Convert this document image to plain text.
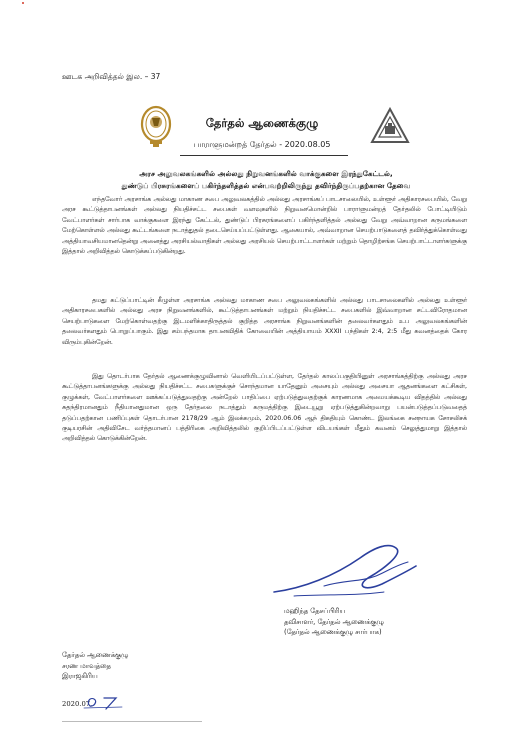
ஊடக அறிவித்தல் இல. – 37
தேர்தல் ஆணைக்குழு
பாராளுமன்றத் தேர்தல் - 2020.08.05
அரச அலுவலகங்களில் அல்லது நிறுவனங்களில் வாக்குகளை இரந்துகேட்டல்,
துண்டுப் பிரசுரங்களைப் பகிர்ந்தளித்தல் என்பவற்றிலிருந்து தவிர்ந்திருப்பதற்கான தேவை
எந்தவோர் அரசாங்க அல்லது மாகாண சபை அலுவலகத்தில் அல்லது அரசாங்கப் பாடசாலையில், உள்ளூர் அதிகாரசபையில், வேறு அரச கூட்டுத்தாபனங்கள் அல்லது நியதிச்சட்ட சபைகள் வளவுகளில் நிறுவனமொன்றில் பாராளுமன்றத் தேர்தலில் போட்டியிடும் வேட்பாளர்கள் சார்பாக வாக்குகளை இரந்து கேட்டல், துண்டுப் பிரசுரங்களைப் பகிர்ந்தளித்தல் அல்லது வேறு அவ்வாறான கருமங்களை மேற்கொள்ளல் அல்லது கூட்டங்களை நடாத்துதல் தடைசெய்யப்பட்டுள்ளது. ஆகையால், அவ்வாறான செயற்பாடுகளைத் தவிர்த்துக்கொள்வது அத்தியாவசியமானதென்று அனைத்து அரசியல்வாதிகள் அல்லது அரசியல் செயற்பாட்டாளர்கள் மற்றும் தொழிற்சங்க செயற்பாட்டாளர்களுக்கு இத்தால் அறிவித்தல் கொடுக்கப்படுகின்றது.
தமது கட்டுப்பாட்டின் கீழுள்ள அரசாங்க அல்லது மாகாண சபை அலுவலகங்களில் அல்லது பாடசாலைகளில் அல்லது உள்ளூர் அதிகாரசபைகளில் அல்லது அரச நிறுவனங்களில், கூட்டுத்தாபனங்கள் மற்றும் நியதிச்சட்ட சபைகளில் இவ்வாறான சட்டவிரோதமான செயற்பாடுகளை மேற்கொள்வதற்கு இடமளிக்காதிருத்தல் குறித்த அரசாங்க நிறுவனங்களின் தலைவர்களதும் உப அலுவலகங்களின் தலைவர்களதும் பொறுப்பாகும். இது சம்பந்தமாக தாபனவிதிக் கோவையின் அத்தியாயம் XXXII பந்திகள் 2:4, 2:5 மீது கவனத்தைக் கோர விரும்புகின்றேன்.
இது தொடர்பாக தேர்தல் ஆணைக்குழுவினால் வெளியிடப்பட்டுள்ள, தேர்தல் காலப்பகுதியினுள் அரசாங்கத்திற்கு அல்லது அரச கூட்டுத்தாபனங்களுக்கு அல்லது நியதிச்சட்ட சபைகளுக்குச் சொந்தமான யாதேனும் அசையும் அல்லது அசையா ஆதனங்களை கட்சிகள், குழுக்கள், வேட்பாளர்களை ஊக்கப்படுத்துவதற்கு அன்றேல் பாதிப்பை ஏற்படுத்துவதற்குக் காரணமாக அமையக்கூடிய விதத்தில் அல்லது சுதந்திரமானதும் நீதியானதுமான ஒரு தேர்தலை நடாத்தும் கருமத்திற்கு இடையூறு ஏற்படுத்துகின்றவாறு பயன்படுத்தப்படுவதைத் தடுப்பதற்கான பணிப்புகள் தொடர்பான 2178/29 ஆம் இலக்கமும், 2020.06.06 ஆந் திகதியும் கொண்ட இலங்கை சனநாயக சோசலிசக் குடியரசின் அதிவிசேட வர்த்தமானப் பத்திரிகை அறிவித்தலில் குறிப்பிடப்பட்டுள்ள விடயங்கள் மீதும் கவனம் செலுத்துமாறு இத்தால் அறிவித்தல் கொடுக்கின்றேன்.
மஹிந்த தேசப்பிரிய
தவிசாளர், தேர்தல் ஆணைக்குழு
(தேர்தல் ஆணைக்குழு சார்பாக)
தேர்தல் ஆணைக்குழு
சரண மாவத்தை
இராஜகிரிய
2020.07.
